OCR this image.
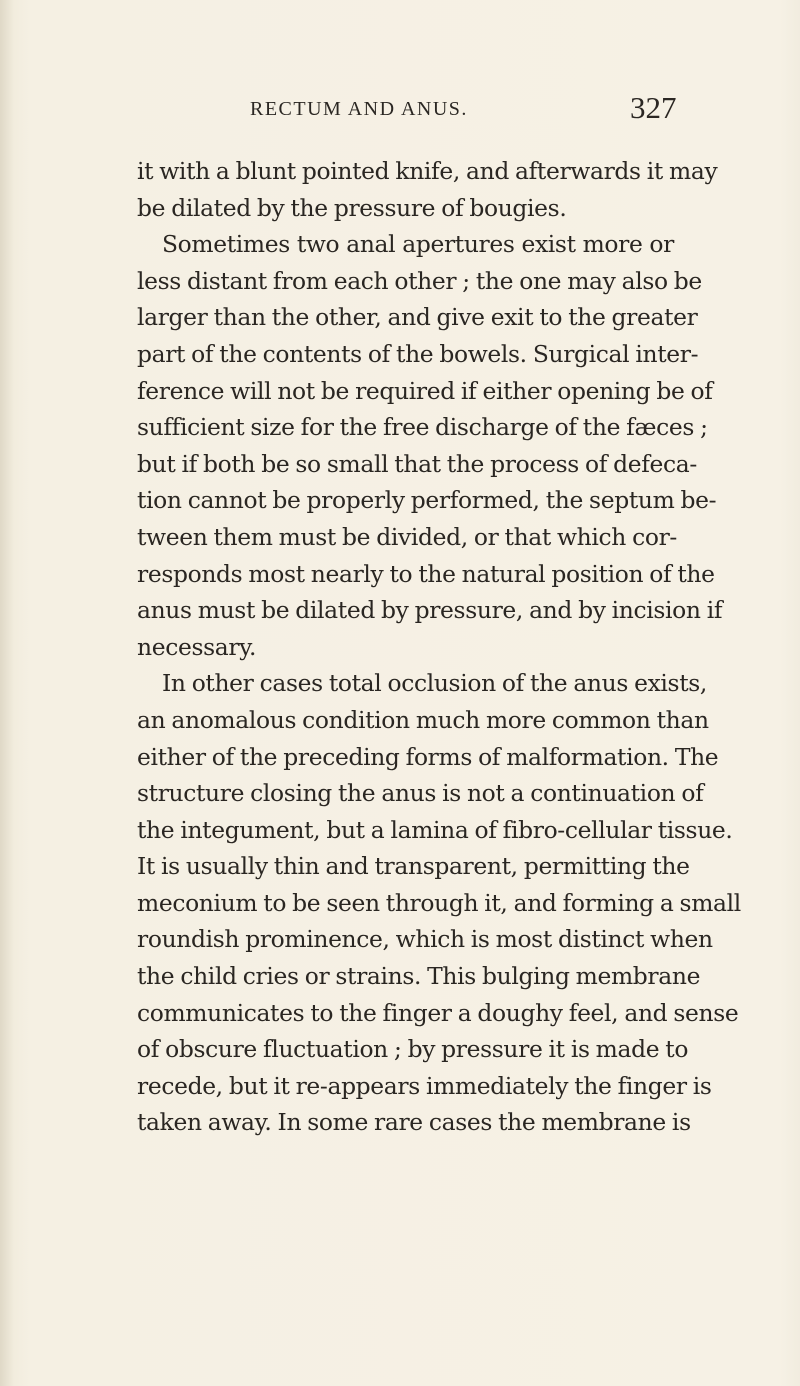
RECTUM AND ANUS.	327
it with a blunt pointed knife, and afterwards it may
be dilated by the pressure of bougies.
Sometimes two anal apertures exist more or
less distant from each other ; the one may also be
larger than the other, and give exit to the greater
part of the contents of the bowels. Surgical inter-
ference will not be required if either opening be of
sufficient size for the free discharge of the fæces ;
but if both be so small that the process of defeca-
tion cannot be properly performed, the septum be-
tween them must be divided, or that which cor-
responds most nearly to the natural position of the
anus must be dilated by pressure, and by incision if
necessary.
In other cases total occlusion of the anus exists,
an anomalous condition much more common than
either of the preceding forms of malformation. The
structure closing the anus is not a continuation of
the integument, but a lamina of fibro-cellular tissue.
It is usually thin and transparent, permitting the
meconium to be seen through it, and forming a small
roundish prominence, which is most distinct when
the child cries or strains. This bulging membrane
communicates to the finger a doughy feel, and sense
of obscure fluctuation ; by pressure it is made to
recede, but it re-appears immediately the finger is
taken away. In some rare cases the membrane is
